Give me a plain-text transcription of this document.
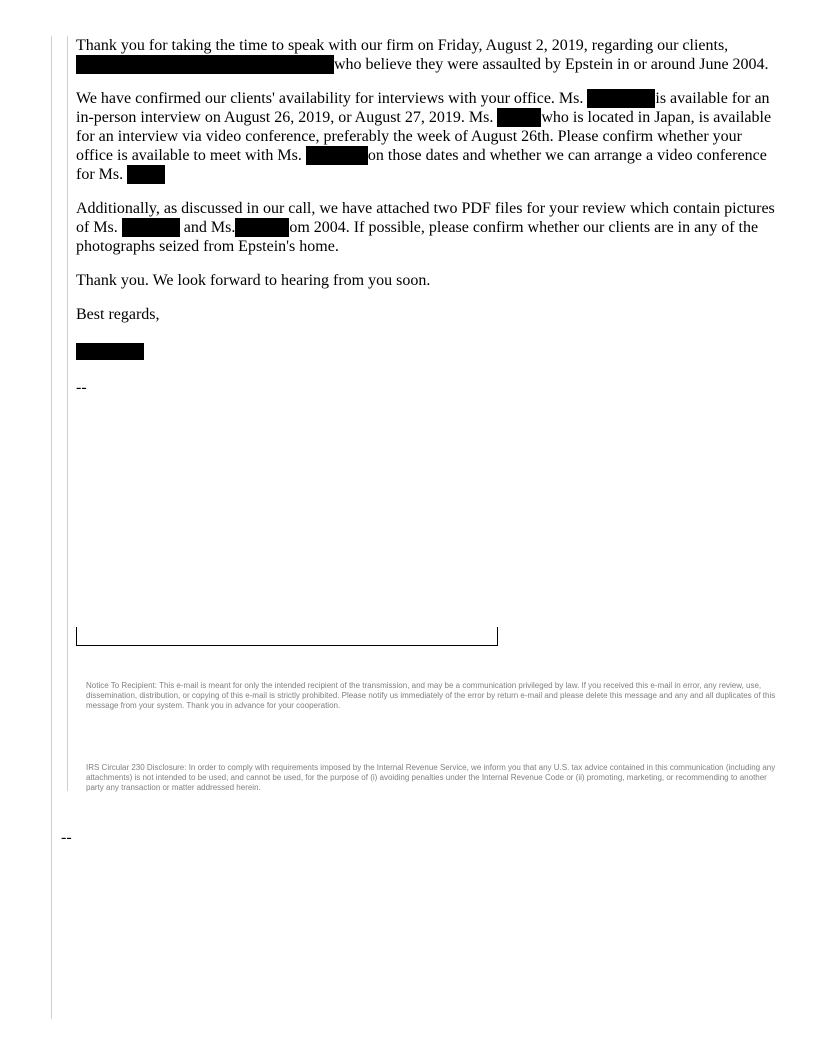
Thank you for taking the time to speak with our firm on Friday, August 2, 2019, regarding our clients,
who believe they were assaulted by Epstein in or around June 2004.

We have confirmed our clients' availability for interviews with your office. Ms.	is available for an in-person interview on August 26, 2019, or August 27, 2019. Ms.	who is located in Japan, is available for an interview via video conference, preferably the week of August 26th. Please confirm whether your office is available to meet with Ms.	on those dates and whether we can arrange a video conference for Ms.

Additionally, as discussed in our call, we have attached two PDF files for your review which contain pictures of Ms.	and Ms.	om 2004. If possible, please confirm whether our clients are in any of the photographs seized from Epstein's home.

Thank you. We look forward to hearing from you soon.

Best regards,

--
Notice To Recipient: This e-mail is meant for only the intended recipient of the transmission, and may be a communication privileged by law. If you received this e-mail in error, any review, use, dissemination, distribution, or copying of this e-mail is strictly prohibited. Please notify us immediately of the error by return e-mail and please delete this message and any and all duplicates of this message from your system. Thank you in advance for your cooperation.
IRS Circular 230 Disclosure: In order to comply with requirements imposed by the Internal Revenue Service, we inform you that any U.S. tax advice contained in this communication (including any attachments) is not intended to be used, and cannot be used, for the purpose of (i) avoiding penalties under the Internal Revenue Code or (ii) promoting, marketing, or recommending to another party any transaction or matter addressed herein.
--
